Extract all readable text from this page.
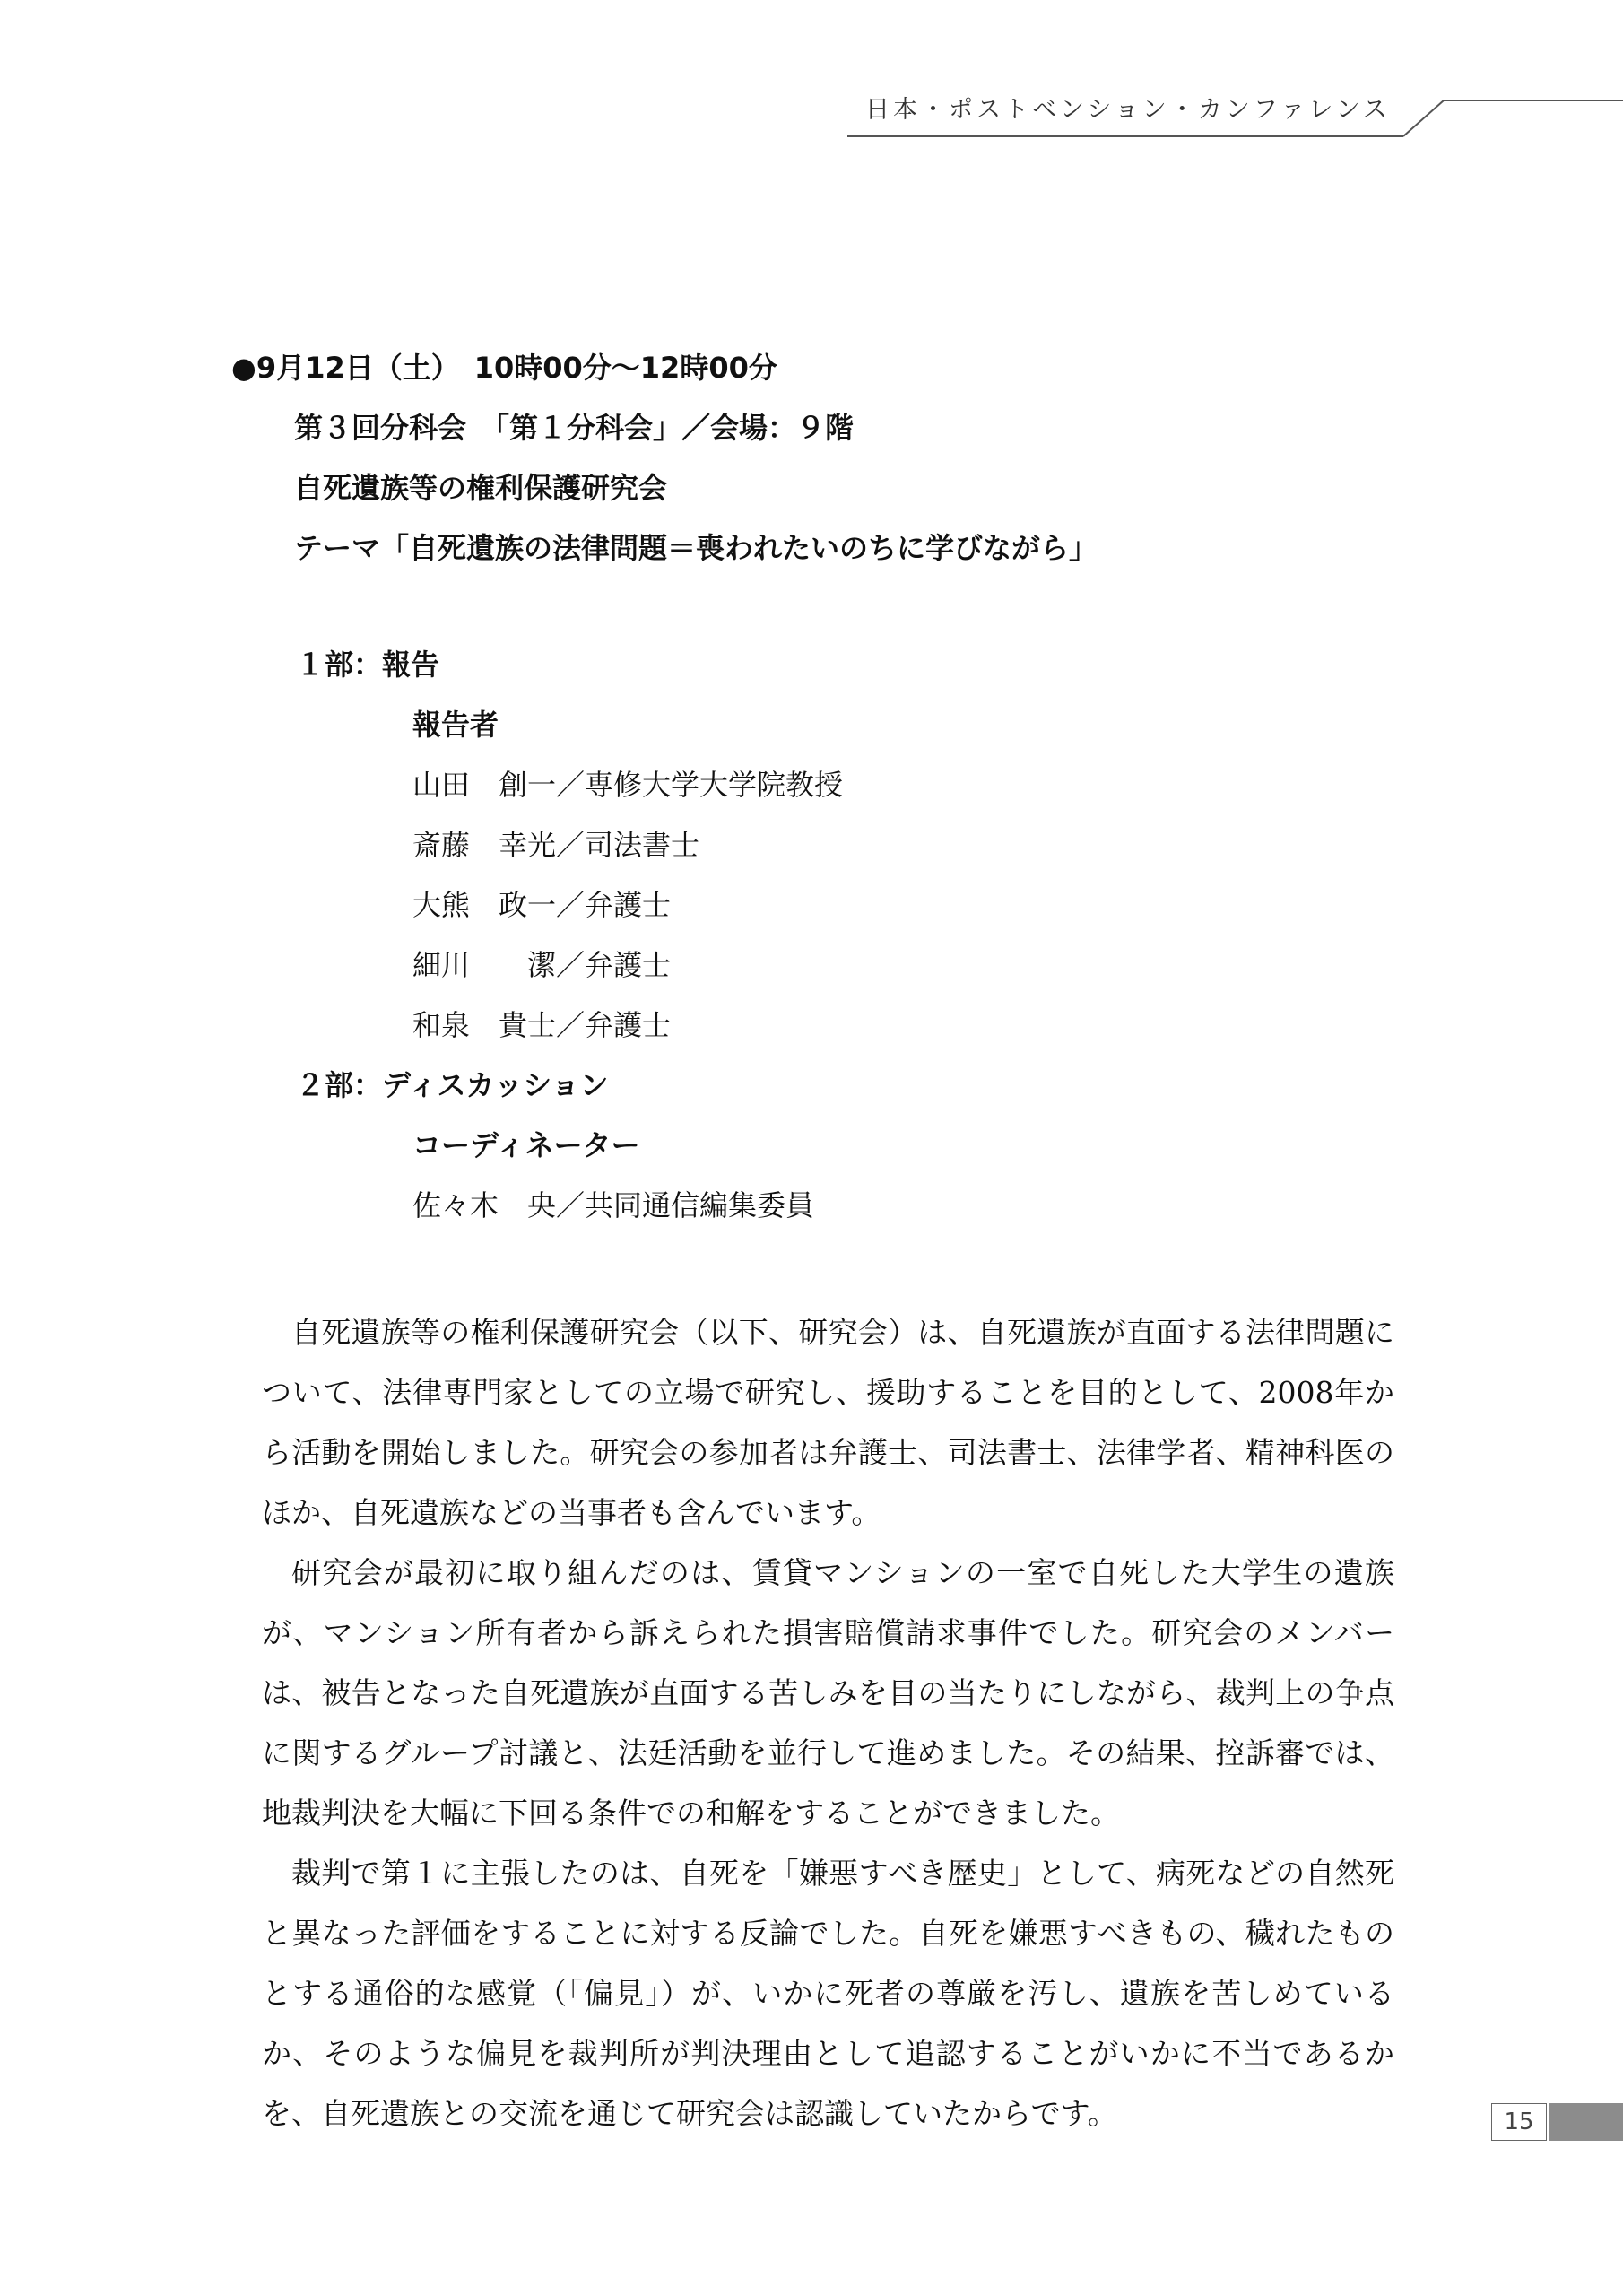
日本・ポストベンション・カンファレンス
●9月12日（土）　10時00分～12時00分
第３回分科会　「第１分科会」／会場：９階
自死遺族等の権利保護研究会
テーマ「自死遺族の法律問題＝喪われたいのちに学びながら」
１部：報告
報告者
山田　創一／専修大学大学院教授
斎藤　幸光／司法書士
大熊　政一／弁護士
細川　　潔／弁護士
和泉　貴士／弁護士
２部：ディスカッション
コーディネーター
佐々木　央／共同通信編集委員

自死遺族等の権利保護研究会（以下、研究会）は、自死遺族が直面する法律問題について、法律専門家としての立場で研究し、援助することを目的として、2008年から活動を開始しました。研究会の参加者は弁護士、司法書士、法律学者、精神科医のほか、自死遺族などの当事者も含んでいます。

研究会が最初に取り組んだのは、賃貸マンションの一室で自死した大学生の遺族が、マンション所有者から訴えられた損害賠償請求事件でした。研究会のメンバーは、被告となった自死遺族が直面する苦しみを目の当たりにしながら、裁判上の争点に関するグループ討議と、法廷活動を並行して進めました。その結果、控訴審では、地裁判決を大幅に下回る条件での和解をすることができました。

裁判で第１に主張したのは、自死を「嫌悪すべき歴史」として、病死などの自然死と異なった評価をすることに対する反論でした。自死を嫌悪すべきもの、穢れたものとする通俗的な感覚（「偏見」）が、いかに死者の尊厳を汚し、遺族を苦しめているか、そのような偏見を裁判所が判決理由として追認することがいかに不当であるかを、自死遺族との交流を通じて研究会は認識していたからです。	15
